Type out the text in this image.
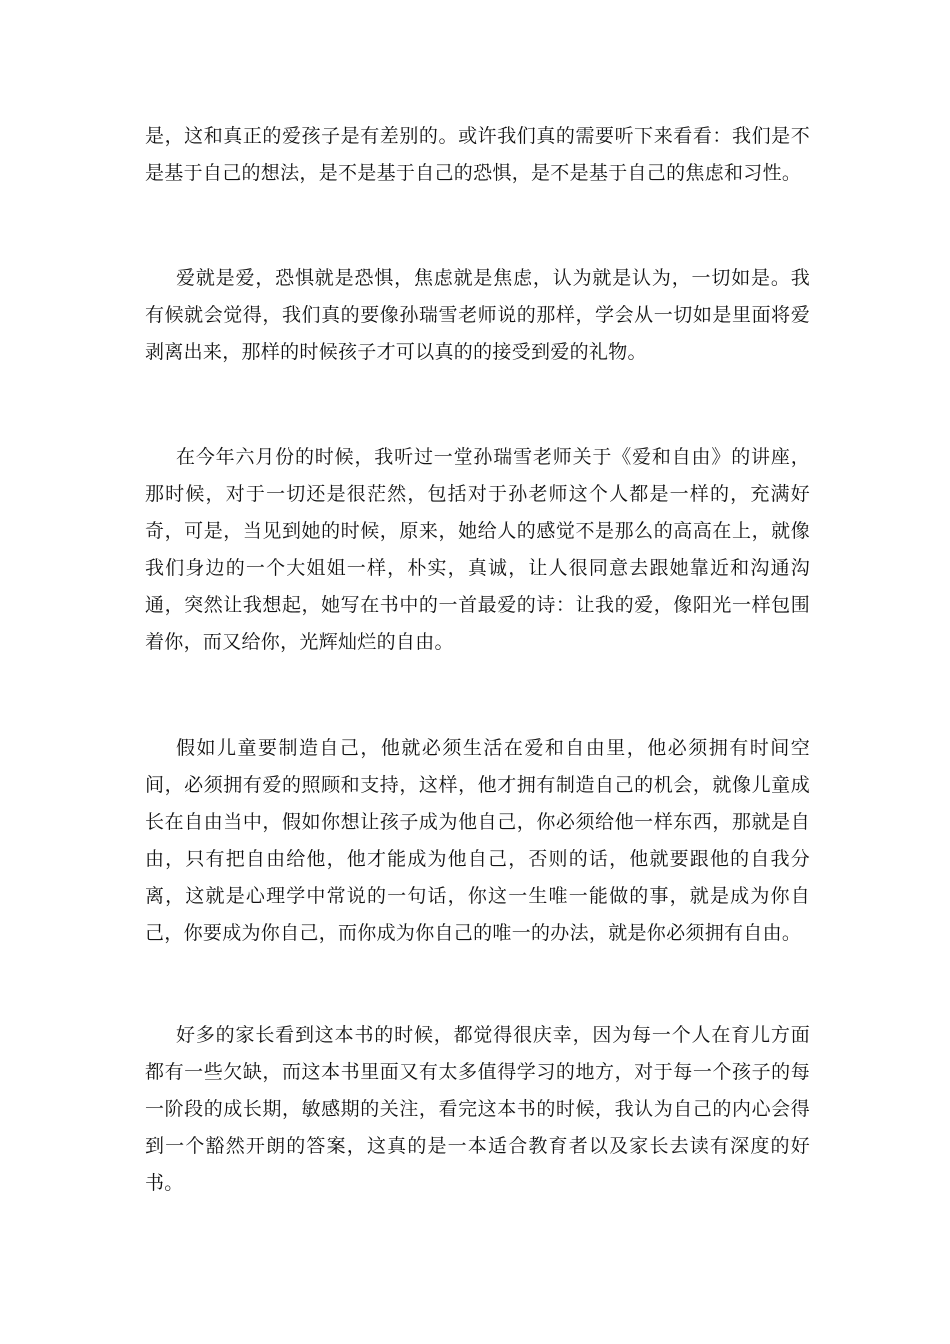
是，这和真正的爱孩子是有差别的。或许我们真的需要听下来看看：我们是不是基于自己的想法，是不是基于自己的恐惧，是不是基于自己的焦虑和习性。

爱就是爱，恐惧就是恐惧，焦虑就是焦虑，认为就是认为，一切如是。我有候就会觉得，我们真的要像孙瑞雪老师说的那样，学会从一切如是里面将爱剥离出来，那样的时候孩子才可以真的的接受到爱的礼物。

在今年六月份的时候，我听过一堂孙瑞雪老师关于《爱和自由》的讲座，那时候，对于一切还是很茫然，包括对于孙老师这个人都是一样的，充满好奇，可是，当见到她的时候，原来，她给人的感觉不是那么的高高在上，就像我们身边的一个大姐姐一样，朴实，真诚，让人很同意去跟她靠近和沟通沟通，突然让我想起，她写在书中的一首最爱的诗：让我的爱，像阳光一样包围着你，而又给你，光辉灿烂的自由。

假如儿童要制造自己，他就必须生活在爱和自由里，他必须拥有时间空间，必须拥有爱的照顾和支持，这样，他才拥有制造自己的机会，就像儿童成长在自由当中，假如你想让孩子成为他自己，你必须给他一样东西，那就是自由，只有把自由给他，他才能成为他自己，否则的话，他就要跟他的自我分离，这就是心理学中常说的一句话，你这一生唯一能做的事，就是成为你自己，你要成为你自己，而你成为你自己的唯一的办法，就是你必须拥有自由。

好多的家长看到这本书的时候，都觉得很庆幸，因为每一个人在育儿方面都有一些欠缺，而这本书里面又有太多值得学习的地方，对于每一个孩子的每一阶段的成长期，敏感期的关注，看完这本书的时候，我认为自己的内心会得到一个豁然开朗的答案，这真的是一本适合教育者以及家长去读有深度的好书。
